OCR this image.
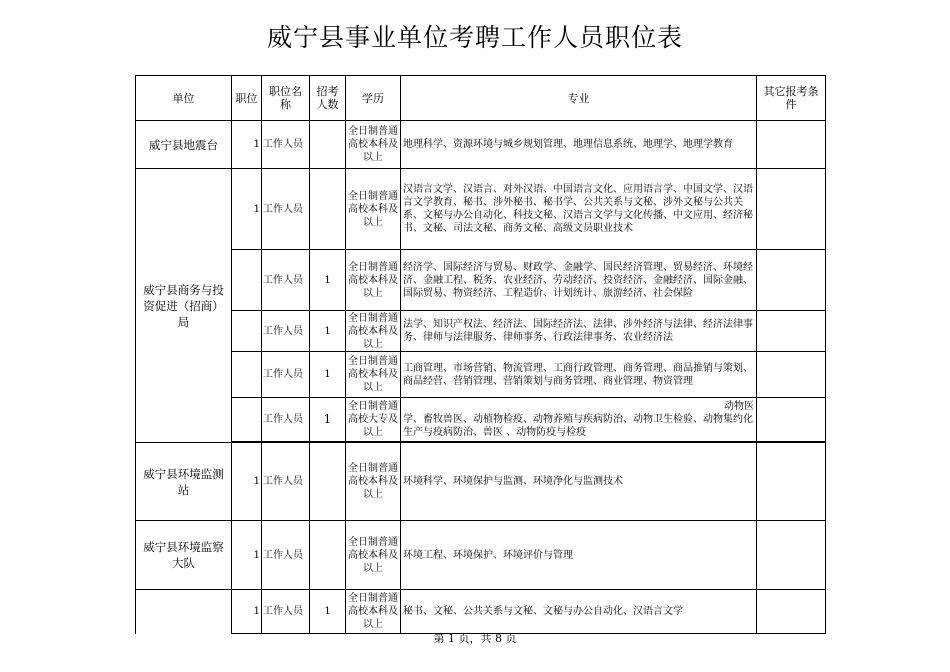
威宁县事业单位考聘工作人员职位表
单位	职位	职位名称	招考人数	学历	专业	其它报考条件
威宁县地震台	1	工作人员		全日制普通高校本科及以上	地理科学、资源环境与城乡规划管理、地理信息系统、地理学、地理学教育	
威宁县商务与投资促进（招商）局	1	工作人员		全日制普通高校本科及以上	汉语言文学、汉语言、对外汉语、中国语言文化、应用语言学、中国文学、汉语言文学教育、秘书、涉外秘书、秘书学、公共关系与文秘、涉外文秘与公共关系、文秘与办公自动化、科技文秘、汉语言文学与文化传播、中文应用、经济秘书、文秘、司法文秘、商务文秘、高级文员职业技术	
		工作人员	1	全日制普通高校本科及以上	经济学、国际经济与贸易、财政学、金融学、国民经济管理、贸易经济、环境经济、金融工程、税务、农业经济、劳动经济、投资经济、金融经济、国际金融、国际贸易、物资经济、工程造价、计划统计、旅游经济、社会保险	
		工作人员	1	全日制普通高校本科及以上	法学、知识产权法、经济法、国际经济法、法律、涉外经济与法律、经济法律事务、律师与法律服务、律师事务、行政法律事务、农业经济法	
		工作人员	1	全日制普通高校本科及以上	工商管理、市场营销、物流管理、工商行政管理、商务管理、商品推销与策划、商品经营、营销管理、营销策划与商务管理、商业管理、物资管理	
		工作人员	1	全日制普通高校大专及以上	动物医
学、畜牧兽医、动植物检疫、动物养殖与疾病防治、动物卫生检验、动物集约化生产与疫病防治、兽医 、动物防疫与检疫	

威宁县环境监测站	1	工作人员		全日制普通高校本科及以上	环境科学、环境保护与监测、环境净化与监测技术	
威宁县环境监察大队	1	工作人员		全日制普通高校本科及以上	环境工程、环境保护、环境评价与管理	
	1	工作人员	1	全日制普通高校本科及以上	秘书、文秘、公共关系与文秘、文秘与办公自动化、汉语言文学	
第 1 页，共 8 页
